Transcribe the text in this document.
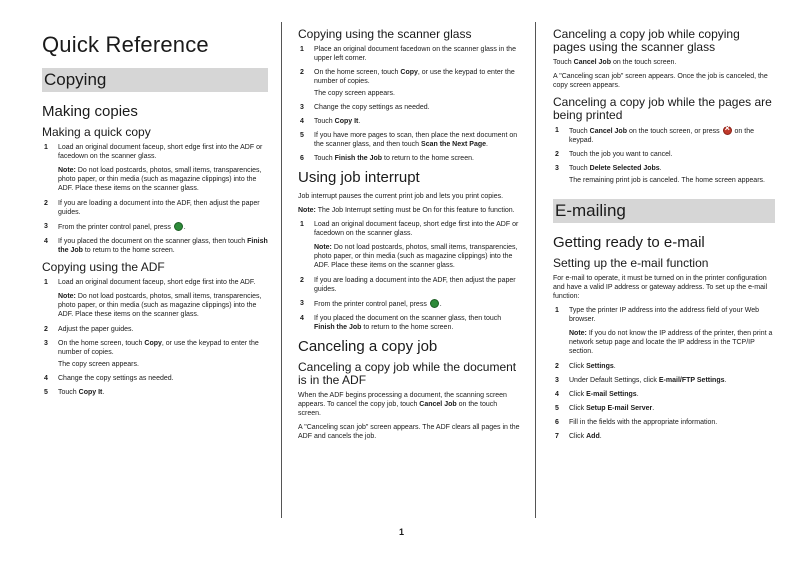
Quick Reference
Copying
Making copies
Making a quick copy
1 Load an original document faceup, short edge first into the ADF or facedown on the scanner glass.
Note: Do not load postcards, photos, small items, transparencies, photo paper, or thin media (such as magazine clippings) into the ADF. Place these items on the scanner glass.
2 If you are loading a document into the ADF, then adjust the paper guides.
3 From the printer control panel, press .
4 If you placed the document on the scanner glass, then touch Finish the Job to return to the home screen.
Copying using the ADF
1 Load an original document faceup, short edge first into the ADF.
Note: Do not load postcards, photos, small items, transparencies, photo paper, or thin media (such as magazine clippings) into the ADF. Place these items on the scanner glass.
2 Adjust the paper guides.
3 On the home screen, touch Copy, or use the keypad to enter the number of copies.
The copy screen appears.
4 Change the copy settings as needed.
5 Touch Copy It.
Copying using the scanner glass
1 Place an original document facedown on the scanner glass in the upper left corner.
2 On the home screen, touch Copy, or use the keypad to enter the number of copies.
The copy screen appears.
3 Change the copy settings as needed.
4 Touch Copy It.
5 If you have more pages to scan, then place the next document on the scanner glass, and then touch Scan the Next Page.
6 Touch Finish the Job to return to the home screen.
Using job interrupt

Job interrupt pauses the current print job and lets you print copies.

Note: The Job Interrupt setting must be On for this feature to function.

1 Load an original document faceup, short edge first into the ADF or facedown on the scanner glass.
Note: Do not load postcards, photos, small items, transparencies, photo paper, or thin media (such as magazine clippings) into the ADF. Place these items on the scanner glass.
2 If you are loading a document into the ADF, then adjust the paper guides.
3 From the printer control panel, press .
4 If you placed the document on the scanner glass, then touch Finish the Job to return to the home screen.
Canceling a copy job
Canceling a copy job while the document is in the ADF

When the ADF begins processing a document, the scanning screen appears. To cancel the copy job, touch Cancel Job on the touch screen.

A "Canceling scan job" screen appears. The ADF clears all pages in the ADF and cancels the job.

Canceling a copy job while copying pages using the scanner glass

Touch Cancel Job on the touch screen.

A "Canceling scan job" screen appears. Once the job is canceled, the copy screen appears.

Canceling a copy job while the pages are being printed
1 Touch Cancel Job on the touch screen, or press × on the keypad.
2 Touch the job you want to cancel.
3 Touch Delete Selected Jobs.
The remaining print job is canceled. The home screen appears.
E-mailing
Getting ready to e-mail
Setting up the e-mail function

For e-mail to operate, it must be turned on in the printer configuration and have a valid IP address or gateway address. To set up the e-mail function:

1 Type the printer IP address into the address field of your Web browser.
Note: If you do not know the IP address of the printer, then print a network setup page and locate the IP address in the TCP/IP section.
2 Click Settings.
3 Under Default Settings, click E-mail/FTP Settings.
4 Click E-mail Settings.
5 Click Setup E-mail Server.
6 Fill in the fields with the appropriate information.
7 Click Add.
1
